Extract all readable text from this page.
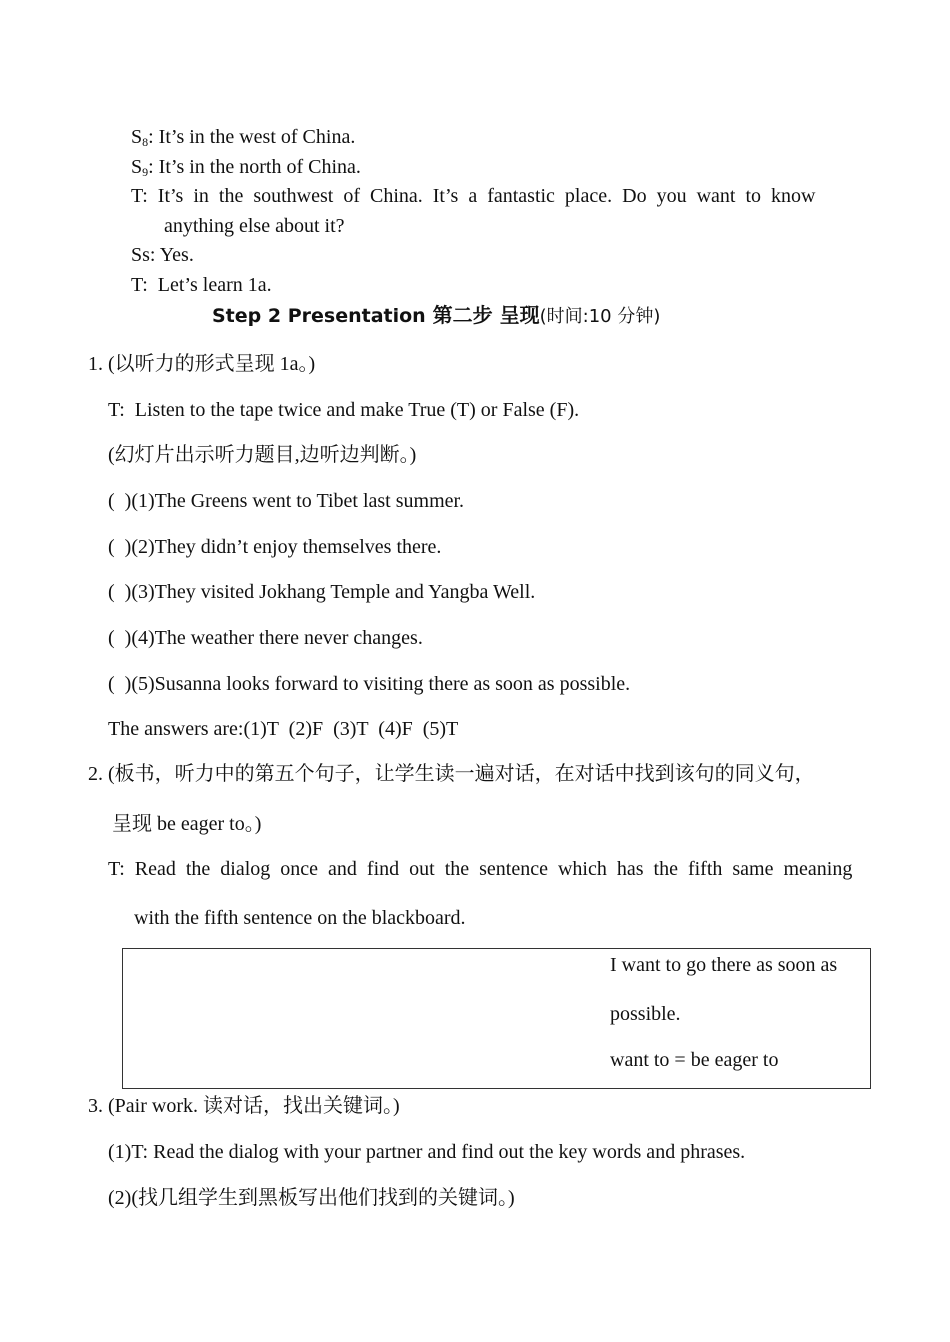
$S_8$: It’s in the west of China.
$S_9$: It’s in the north of China.
T:  It’s  in  the  southwest  of  China.  It’s  a  fantastic  place.  Do  you  want  to  know
anything else about it?
Ss: Yes.
T:  Let’s learn 1a.
Step 2 Presentation 第二步 呈现(时间:10 分钟)
1. (以听力的形式呈现 1a。)
T:  Listen to the tape twice and make True (T) or False (F).
(幻灯片出示听力题目,边听边判断。)
(  )(1)The Greens went to Tibet last summer.
(  )(2)They didn’t enjoy themselves there.
(  )(3)They visited Jokhang Temple and Yangba Well.
(  )(4)The weather there never changes.
(  )(5)Susanna looks forward to visiting there as soon as possible.
The answers are:(1)T  (2)F  (3)T  (4)F  (5)T
2. (板书，听力中的第五个句子，让学生读一遍对话，在对话中找到该句的同义句，
呈现 be eager to。)
T:  Read  the  dialog  once  and  find  out  the  sentence  which  has  the  fifth  same  meaning
with the fifth sentence on the blackboard.
I want to go there as soon as
possible.
want to = be eager to
3. (Pair work. 读对话，找出关键词。)
(1)T: Read the dialog with your partner and find out the key words and phrases.
(2)(找几组学生到黑板写出他们找到的关键词。)
